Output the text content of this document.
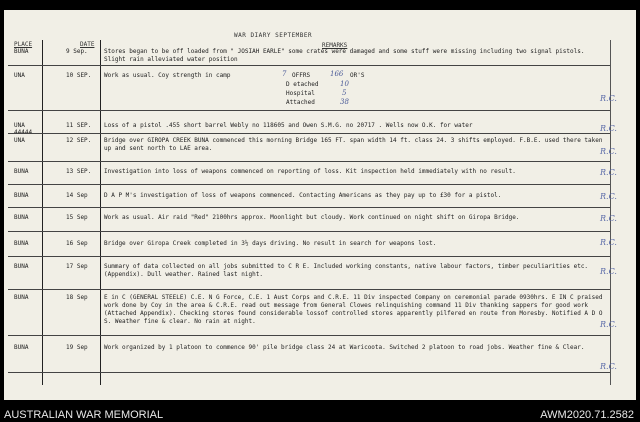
WAR DIARY SEPTEMBER
PLACE	DATE	REMARKS
BUNA	9 Sep.	Stores began to be off loaded from " JOSIAH EARLE" some crates were damaged and some stuff were missing including two signal pistols. Slight rain alleviated water position
UNA	10 SEP.	Work as usual. Coy strength in camp	7 OFFRS	166 OR'S
D etached	10
Hospital	5
Attached	38	R.C.
UNA	11 SEP.	Loss of a pistol .455 short barrel Webly no 118605 and Owen S.M.G. no 20717 . Wells now O.K. for water	R.C.
UNA	12 SEP.	Bridge over GIROPA CREEK BUNA commenced this morning Bridge 165 FT. span width 14 ft. class 24. 3 shifts employed. F.B.E. used there taken up and sent north to LAE area.	R.C.
BUNA	13 SEP.	Investigation into loss of weapons commenced on reporting of loss. Kit inspection held immediately with no result.	R.C.
BUNA	14 Sep	D A P M's investigation of loss of weapons commenced. Contacting Americans as they pay up to £30 for a pistol.	R.C.
BUNA	15 Sep	Work as usual. Air raid "Red" 2100hrs approx. Moonlight but cloudy. Work continued on night shift on Giropa Bridge.	R.C.
BUNA	16 Sep	Bridge over Giropa Creek completed in 3½ days driving. No result in search for weapons lost.	R.C.
BUNA	17 Sep	Summary of data collected on all jobs submitted to C R E. Included working constants, native labour factors, timber peculiarities etc. (Appendix). Dull weather. Rained last night.	R.C.
BUNA	18 Sep	E in C (GENERAL STEELE) C.E. N G Force, C.E. 1 Aust Corps and C.R.E. 11 Div inspected Company on ceremonial parade 0930hrs. E IN C praised work done by Coy in the area & C.R.E. read out message from General Clowes relinquishing command 11 Div thanking sappers for good work (Attached Appendix). Checking stores found considerable lossof controlled stores apparently pilfered en route from Moresby. Notified A D O S. Weather fine & clear. No rain at night.	R.C.
BUNA	19 Sep	Work organized by 1 platoon to commence 90' pile bridge class 24 at Waricoota. Switched 2 platoon to road jobs. Weather fine & Clear.
R.C.
AUSTRALIAN WAR MEMORIAL	AWM2020.71.2582
